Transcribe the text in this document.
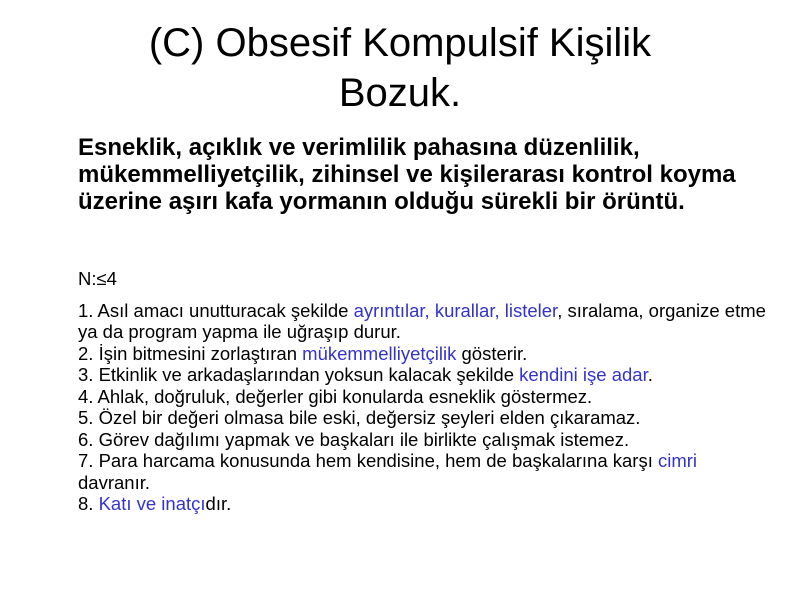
(C) Obsesif Kompulsif Kişilik
Bozuk.
Esneklik, açıklık ve verimlilik pahasına düzenlilik, mükemmelliyetçilik, zihinsel ve kişilerarası kontrol koyma üzerine aşırı kafa yormanın olduğu sürekli bir örüntü.

N:≤4

1. Asıl amacı unutturacak şekilde ayrıntılar, kurallar, listeler, sıralama, organize etme ya da program yapma ile uğraşıp durur.

2. İşin bitmesini zorlaştıran mükemmelliyetçilik gösterir.

3. Etkinlik ve arkadaşlarından yoksun kalacak şekilde kendini işe adar.

4. Ahlak, doğruluk, değerler gibi konularda esneklik göstermez.

5. Özel bir değeri olmasa bile eski, değersiz şeyleri elden çıkaramaz.

6. Görev dağılımı yapmak ve başkaları ile birlikte çalışmak istemez.

7. Para harcama konusunda hem kendisine, hem de başkalarına karşı cimri davranır.

8. Katı ve inatçıdır.
